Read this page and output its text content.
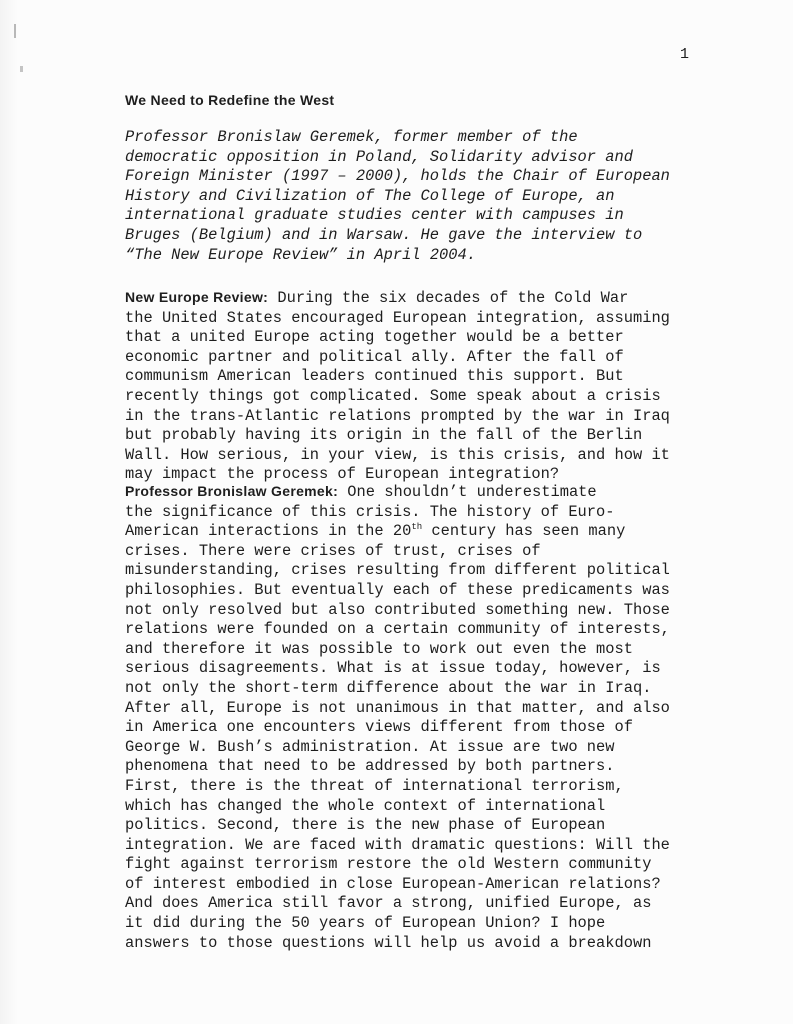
1
We Need to Redefine the West
Professor Bronislaw Geremek, former member of the
democratic opposition in Poland, Solidarity advisor and
Foreign Minister (1997 – 2000), holds the Chair of European
History and Civilization of The College of Europe, an
international graduate studies center with campuses in
Bruges (Belgium) and in Warsaw. He gave the interview to
“The New Europe Review” in April 2004.
New Europe Review: During the six decades of the Cold War
the United States encouraged European integration, assuming
that a united Europe acting together would be a better
economic partner and political ally. After the fall of
communism American leaders continued this support. But
recently things got complicated. Some speak about a crisis
in the trans-Atlantic relations prompted by the war in Iraq
but probably having its origin in the fall of the Berlin
Wall. How serious, in your view, is this crisis, and how it
may impact the process of European integration?
Professor Bronislaw Geremek: One shouldn’t underestimate
the significance of this crisis. The history of Euro-
American interactions in the 20th century has seen many
crises. There were crises of trust, crises of
misunderstanding, crises resulting from different political
philosophies. But eventually each of these predicaments was
not only resolved but also contributed something new. Those
relations were founded on a certain community of interests,
and therefore it was possible to work out even the most
serious disagreements. What is at issue today, however, is
not only the short-term difference about the war in Iraq.
After all, Europe is not unanimous in that matter, and also
in America one encounters views different from those of
George W. Bush’s administration. At issue are two new
phenomena that need to be addressed by both partners.
First, there is the threat of international terrorism,
which has changed the whole context of international
politics. Second, there is the new phase of European
integration. We are faced with dramatic questions: Will the
fight against terrorism restore the old Western community
of interest embodied in close European-American relations?
And does America still favor a strong, unified Europe, as
it did during the 50 years of European Union? I hope
answers to those questions will help us avoid a breakdown
